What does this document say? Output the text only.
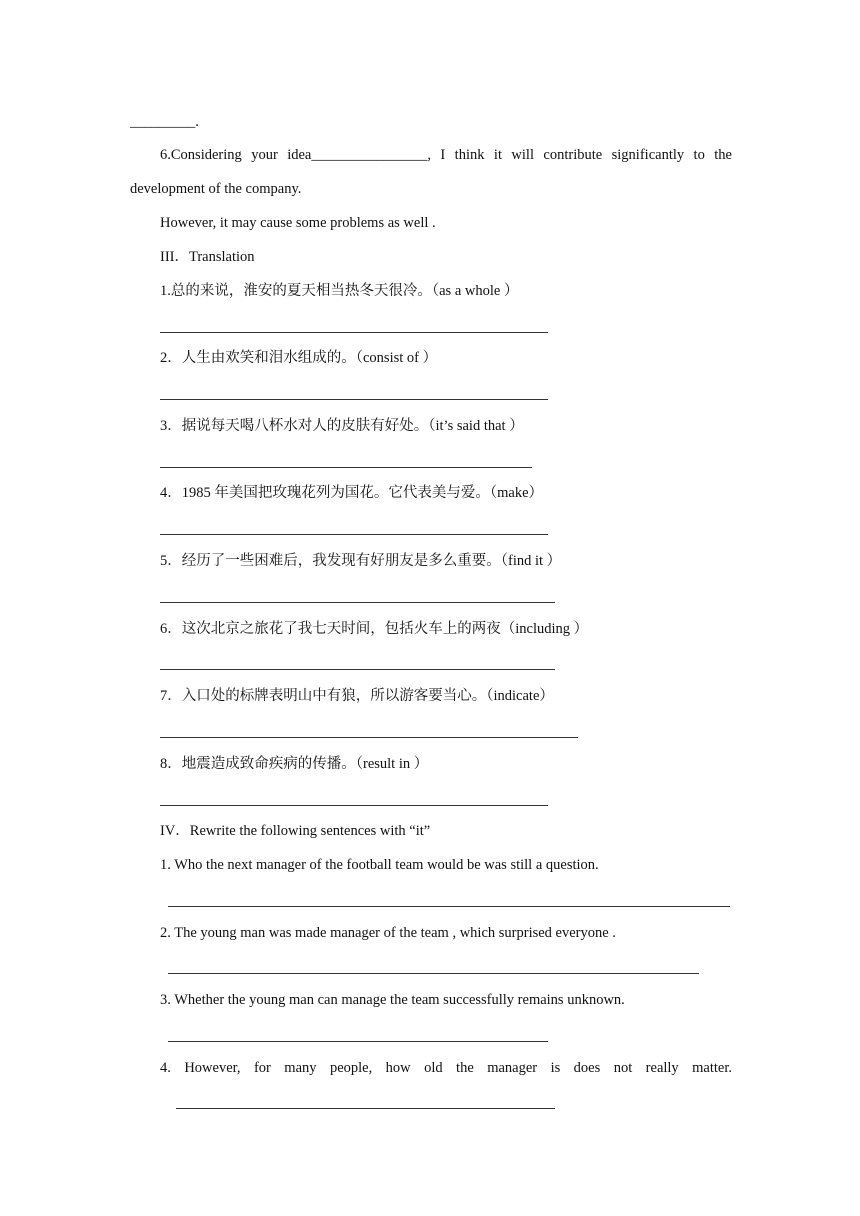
_________.
6.Considering your idea________________, I think it will contribute significantly to the
development of the company.
However, it may cause some problems as well .
III．Translation
1.总的来说，淮安的夏天相当热冬天很冷。（as a whole ）
2．人生由欢笑和泪水组成的。（consist of ）
3．据说每天喝八杯水对人的皮肤有好处。（it’s said that ）
4．1985 年美国把玫瑰花列为国花。它代表美与爱。（make）
5．经历了一些困难后，我发现有好朋友是多么重要。（find it ）
6．这次北京之旅花了我七天时间，包括火车上的两夜（including ）
7．入口处的标牌表明山中有狼，所以游客要当心。（indicate）
8．地震造成致命疾病的传播。（result in ）
IV．Rewrite the following sentences with “it”
1. Who the next manager of the football team would be was still a question.
2. The young man was made manager of the team , which surprised everyone .
3. Whether the young man can manage the team successfully remains unknown.
4. However, for many people, how old the manager is does not really matter.
